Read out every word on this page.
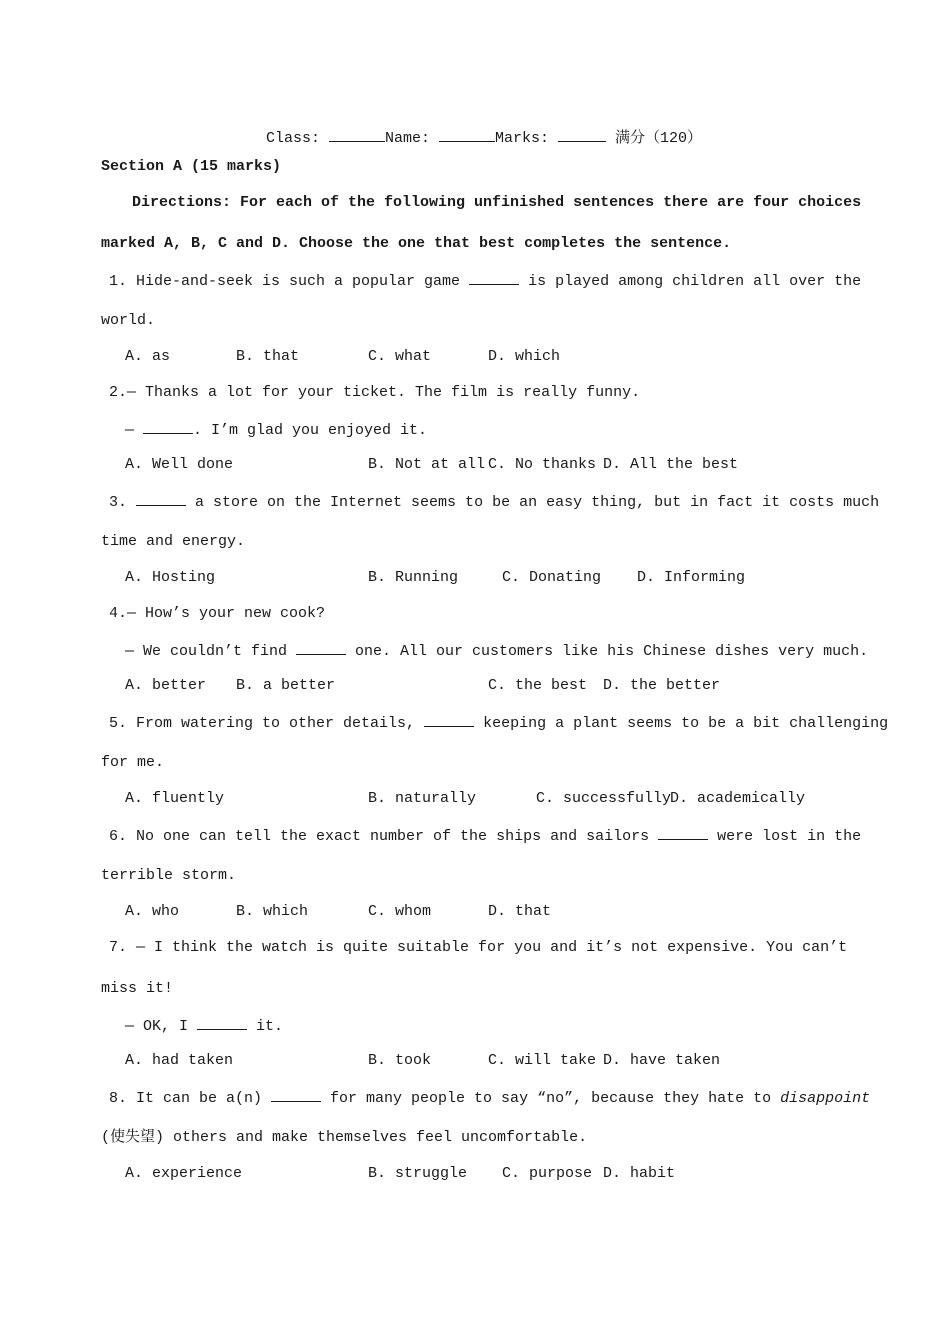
Class:	Name:	Marks:	满分（120）
Section A (15 marks)
Directions: For each of the following unfinished sentences there are four choices
marked A, B, C and D. Choose the one that best completes the sentence.
1. Hide-and-seek is such a popular game	is played among children all over the
world.
A. as	B. that	C. what	D. which
2.— Thanks a lot for your ticket. The film is really funny.
—	. I’m glad you enjoyed it.
A. Well done	B. Not at all C. No thanks D. All the best
3.	a store on the Internet seems to be an easy thing, but in fact it costs much
time and energy.
A. Hosting	B. Running	C. Donating D. Informing
4.— How’s your new cook?
— We couldn’t find	one. All our customers like his Chinese dishes very much.
A. better B. a better	C. the best D. the better
5. From watering to other details,	keeping a plant seems to be a bit challenging
for me.
A. fluently	B. naturally	C. successfully
D. academically
6. No one can tell the exact number of the ships and sailors	were lost in the
terrible storm.
A. who	B. which	C. whom	D. that
7. — I think the watch is quite suitable for you and it’s not expensive. You can’t
miss it!
— OK, I	it.
A. had taken	B. took	C. will take D. have taken
8. It can be a(n)	for many people to say “no”, because they hate to disappoint
(使失望) others and make themselves feel uncomfortable.
A. experience	B. struggle C. purpose D. habit
